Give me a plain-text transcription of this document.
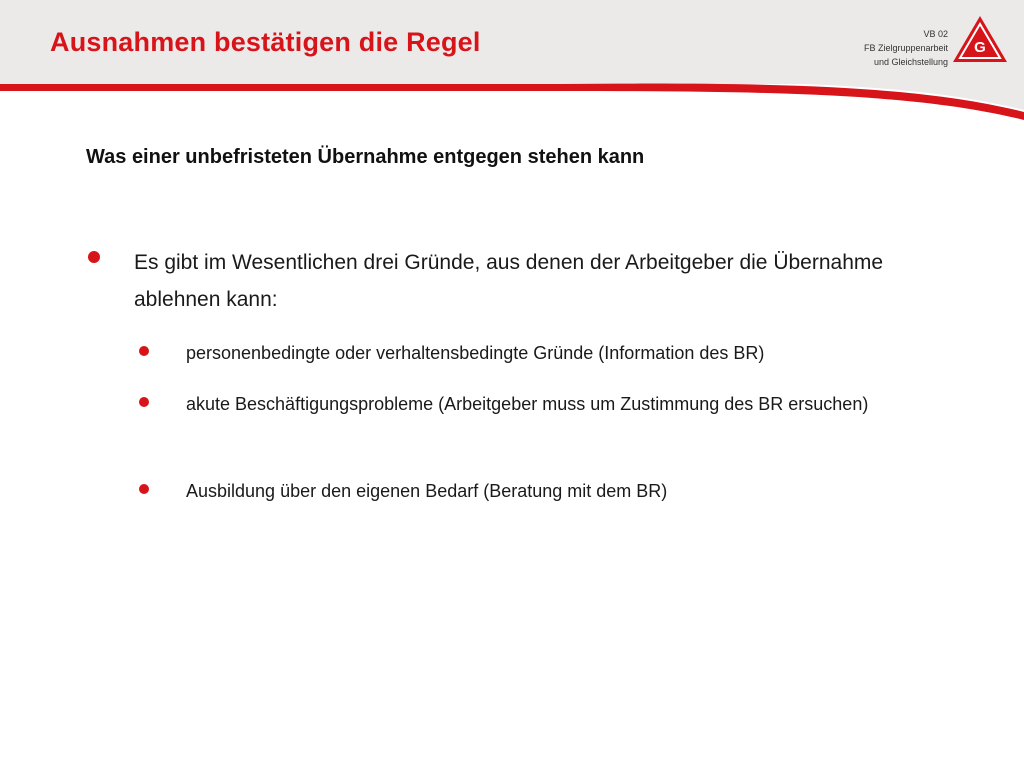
Ausnahmen bestätigen die Regel	VB 02
FB Zielgruppenarbeit
und Gleichstellung
G
Was einer unbefristeten Übernahme entgegen stehen kann
Es gibt im Wesentlichen drei Gründe, aus denen der Arbeitgeber die Übernahme ablehnen kann:
personenbedingte oder verhaltensbedingte Gründe (Information des BR)
akute Beschäftigungsprobleme (Arbeitgeber muss um Zustimmung des BR ersuchen)
Ausbildung über den eigenen Bedarf (Beratung mit dem BR)
